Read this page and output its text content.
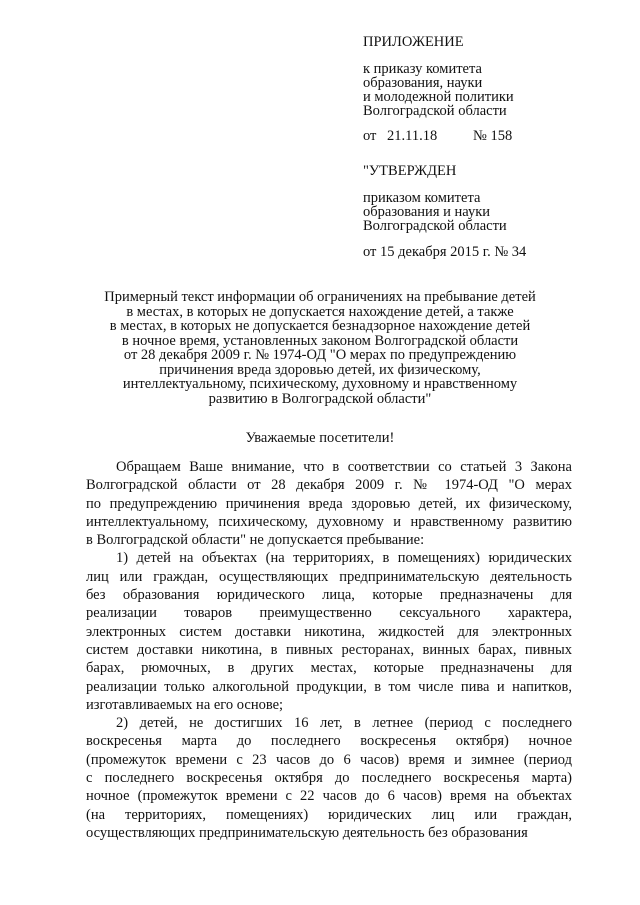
ПРИЛОЖЕНИЕ
к приказу комитета
образования, науки
и молодежной политики
Волгоградской области
от 21.11.18 № 158
"УТВЕРЖДЕН
приказом комитета
образования и науки
Волгоградской области
от 15 декабря 2015 г. № 34
Примерный текст информации об ограничениях на пребывание детей
в местах, в которых не допускается нахождение детей, а также
в местах, в которых не допускается безнадзорное нахождение детей
в ночное время, установленных законом Волгоградской области
от 28 декабря 2009 г. № 1974-ОД "О мерах по предупреждению
причинения вреда здоровью детей, их физическому,
интеллектуальному, психическому, духовному и нравственному
развитию в Волгоградской области"
Уважаемые посетители!
Обращаем Ваше внимание, что в соответствии со статьей 3 Закона
Волгоградской области от 28 декабря 2009 г. № 1974-ОД "О мерах
по предупреждению причинения вреда здоровью детей, их физическому,
интеллектуальному, психическому, духовному и нравственному развитию
в Волгоградской области" не допускается пребывание:
1) детей на объектах (на территориях, в помещениях) юридических
лиц или граждан, осуществляющих предпринимательскую деятельность
без образования юридического лица, которые предназначены для
реализации товаров преимущественно сексуального характера,
электронных систем доставки никотина, жидкостей для электронных
систем доставки никотина, в пивных ресторанах, винных барах, пивных
барах, рюмочных, в других местах, которые предназначены для
реализации только алкогольной продукции, в том числе пива и напитков,
изготавливаемых на его основе;
2) детей, не достигших 16 лет, в летнее (период с последнего
воскресенья марта до последнего воскресенья октября) ночное
(промежуток времени с 23 часов до 6 часов) время и зимнее (период
с последнего воскресенья октября до последнего воскресенья марта)
ночное (промежуток времени с 22 часов до 6 часов) время на объектах
(на территориях, помещениях) юридических лиц или граждан,
осуществляющих предпринимательскую деятельность без образования
